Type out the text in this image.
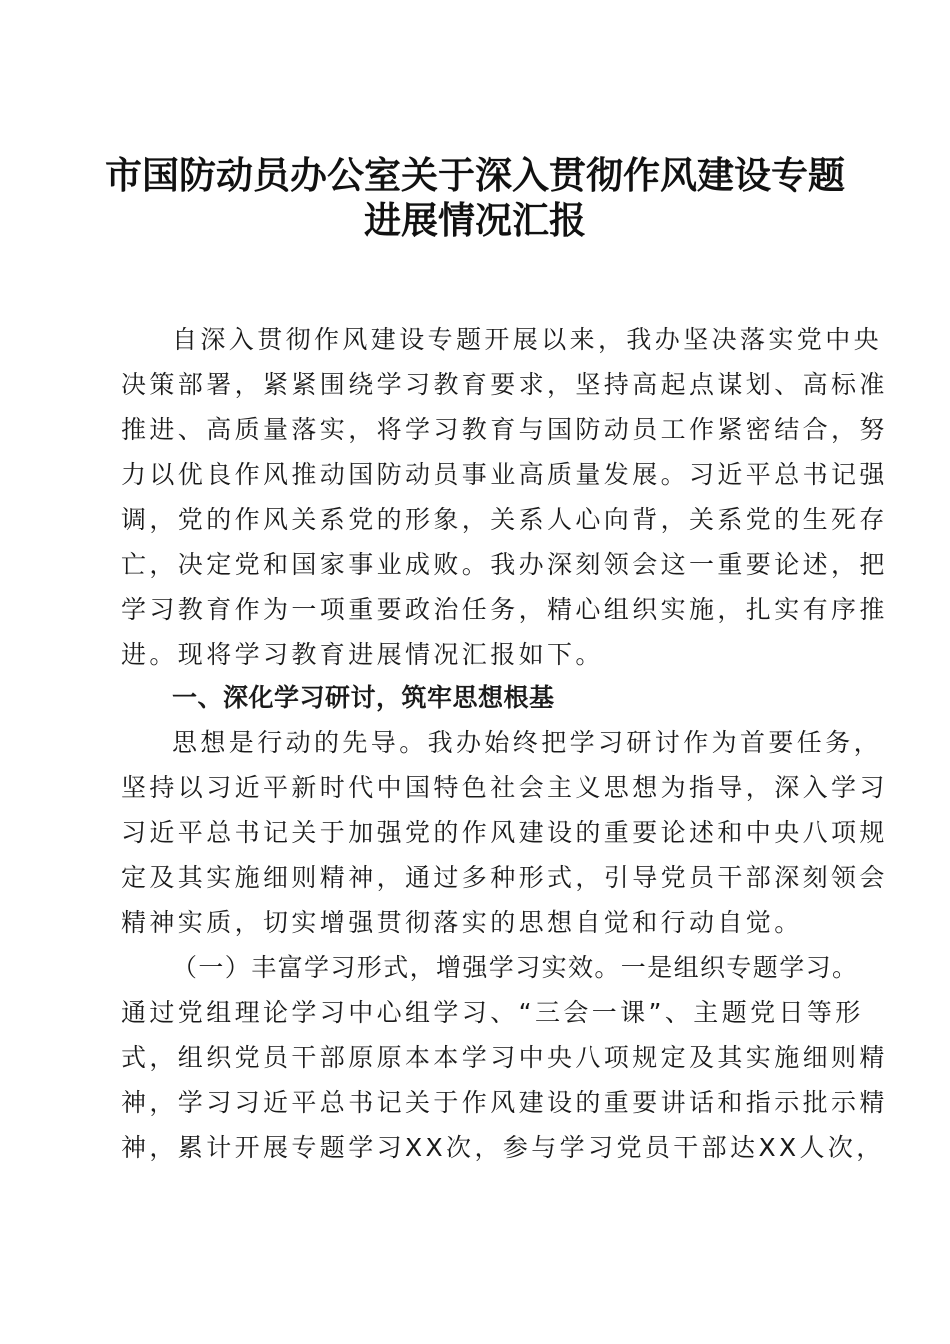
市国防动员办公室关于深入贯彻作风建设专题
进展情况汇报
自深入贯彻作风建设专题开展以来，我办坚决落实党中央
决策部署，紧紧围绕学习教育要求，坚持高起点谋划、高标准
推进、高质量落实，将学习教育与国防动员工作紧密结合，努
力以优良作风推动国防动员事业高质量发展。习近平总书记强
调，党的作风关系党的形象，关系人心向背，关系党的生死存
亡，决定党和国家事业成败。我办深刻领会这一重要论述，把
学习教育作为一项重要政治任务，精心组织实施，扎实有序推
进。现将学习教育进展情况汇报如下。
一、深化学习研讨，筑牢思想根基
思想是行动的先导。我办始终把学习研讨作为首要任务，
坚持以习近平新时代中国特色社会主义思想为指导，深入学习
习近平总书记关于加强党的作风建设的重要论述和中央八项规
定及其实施细则精神，通过多种形式，引导党员干部深刻领会
精神实质，切实增强贯彻落实的思想自觉和行动自觉。
（一）丰富学习形式，增强学习实效。一是组织专题学习。
通过党组理论学习中心组学习、“三会一课”、主题党日等形
式，组织党员干部原原本本学习中央八项规定及其实施细则精
神，学习习近平总书记关于作风建设的重要讲话和指示批示精
神，累计开展专题学习XX次，参与学习党员干部达XX人次，
